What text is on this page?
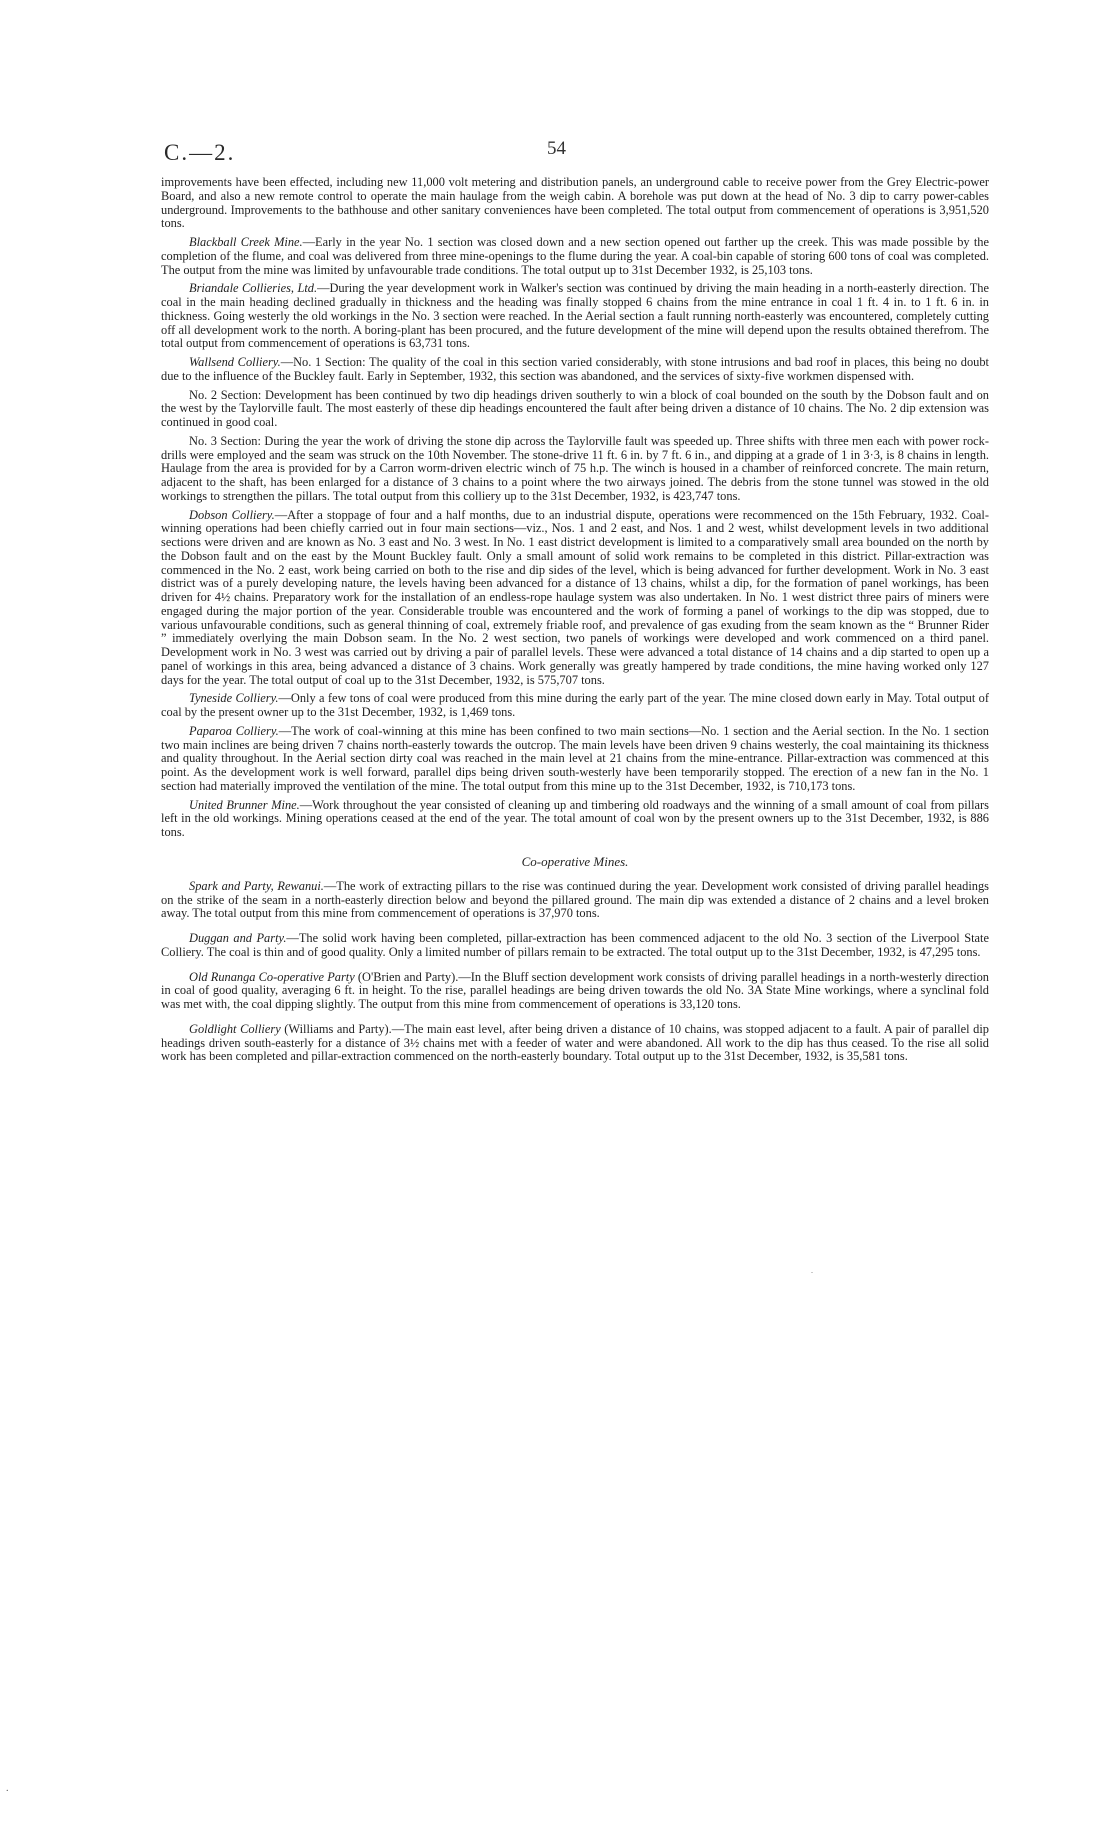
C.—2.	54

improvements have been effected, including new 11,000 volt metering and distribution panels, an underground cable to receive power from the Grey Electric-power Board, and also a new remote control to operate the main haulage from the weigh cabin. A borehole was put down at the head of No. 3 dip to carry power-cables underground. Improvements to the bathhouse and other sanitary conveniences have been completed. The total output from commencement of operations is 3,951,520 tons.

Blackball Creek Mine.—Early in the year No. 1 section was closed down and a new section opened out farther up the creek. This was made possible by the completion of the flume, and coal was delivered from three mine-openings to the flume during the year. A coal-bin capable of storing 600 tons of coal was completed. The output from the mine was limited by unfavourable trade conditions. The total output up to 31st December 1932, is 25,103 tons.

Briandale Collieries, Ltd.—During the year development work in Walker's section was continued by driving the main heading in a north-easterly direction. The coal in the main heading declined gradually in thickness and the heading was finally stopped 6 chains from the mine entrance in coal 1 ft. 4 in. to 1 ft. 6 in. in thickness. Going westerly the old workings in the No. 3 section were reached. In the Aerial section a fault running north-easterly was encountered, completely cutting off all development work to the north. A boring-plant has been procured, and the future development of the mine will depend upon the results obtained therefrom. The total output from commencement of operations is 63,731 tons.

Wallsend Colliery.—No. 1 Section: The quality of the coal in this section varied considerably, with stone intrusions and bad roof in places, this being no doubt due to the influence of the Buckley fault. Early in September, 1932, this section was abandoned, and the services of sixty-five workmen dispensed with.

No. 2 Section: Development has been continued by two dip headings driven southerly to win a block of coal bounded on the south by the Dobson fault and on the west by the Taylorville fault. The most easterly of these dip headings encountered the fault after being driven a distance of 10 chains. The No. 2 dip extension was continued in good coal.

No. 3 Section: During the year the work of driving the stone dip across the Taylorville fault was speeded up. Three shifts with three men each with power rock-drills were employed and the seam was struck on the 10th November. The stone-drive 11 ft. 6 in. by 7 ft. 6 in., and dipping at a grade of 1 in 3·3, is 8 chains in length. Haulage from the area is provided for by a Carron worm-driven electric winch of 75 h.p. The winch is housed in a chamber of reinforced concrete. The main return, adjacent to the shaft, has been enlarged for a distance of 3 chains to a point where the two airways joined. The debris from the stone tunnel was stowed in the old workings to strengthen the pillars. The total output from this colliery up to the 31st December, 1932, is 423,747 tons.

Dobson Colliery.—After a stoppage of four and a half months, due to an industrial dispute, operations were recommenced on the 15th February, 1932. Coal-winning operations had been chiefly carried out in four main sections—viz., Nos. 1 and 2 east, and Nos. 1 and 2 west, whilst development levels in two additional sections were driven and are known as No. 3 east and No. 3 west. In No. 1 east district development is limited to a comparatively small area bounded on the north by the Dobson fault and on the east by the Mount Buckley fault. Only a small amount of solid work remains to be completed in this district. Pillar-extraction was commenced in the No. 2 east, work being carried on both to the rise and dip sides of the level, which is being advanced for further development. Work in No. 3 east district was of a purely developing nature, the levels having been advanced for a distance of 13 chains, whilst a dip, for the formation of panel workings, has been driven for 4½ chains. Preparatory work for the installation of an endless-rope haulage system was also undertaken. In No. 1 west district three pairs of miners were engaged during the major portion of the year. Considerable trouble was encountered and the work of forming a panel of workings to the dip was stopped, due to various unfavourable conditions, such as general thinning of coal, extremely friable roof, and prevalence of gas exuding from the seam known as the “ Brunner Rider ” immediately overlying the main Dobson seam. In the No. 2 west section, two panels of workings were developed and work commenced on a third panel. Development work in No. 3 west was carried out by driving a pair of parallel levels. These were advanced a total distance of 14 chains and a dip started to open up a panel of workings in this area, being advanced a distance of 3 chains. Work generally was greatly hampered by trade conditions, the mine having worked only 127 days for the year. The total output of coal up to the 31st December, 1932, is 575,707 tons.

Tyneside Colliery.—Only a few tons of coal were produced from this mine during the early part of the year. The mine closed down early in May. Total output of coal by the present owner up to the 31st December, 1932, is 1,469 tons.

Paparoa Colliery.—The work of coal-winning at this mine has been confined to two main sections—No. 1 section and the Aerial section. In the No. 1 section two main inclines are being driven 7 chains north-easterly towards the outcrop. The main levels have been driven 9 chains westerly, the coal maintaining its thickness and quality throughout. In the Aerial section dirty coal was reached in the main level at 21 chains from the mine-entrance. Pillar-extraction was commenced at this point. As the development work is well forward, parallel dips being driven south-westerly have been temporarily stopped. The erection of a new fan in the No. 1 section had materially improved the ventilation of the mine. The total output from this mine up to the 31st December, 1932, is 710,173 tons.

United Brunner Mine.—Work throughout the year consisted of cleaning up and timbering old roadways and the winning of a small amount of coal from pillars left in the old workings. Mining operations ceased at the end of the year. The total amount of coal won by the present owners up to the 31st December, 1932, is 886 tons.

Co-operative Mines.

Spark and Party, Rewanui.—The work of extracting pillars to the rise was continued during the year. Development work consisted of driving parallel headings on the strike of the seam in a north-easterly direction below and beyond the pillared ground. The main dip was extended a distance of 2 chains and a level broken away. The total output from this mine from commencement of operations is 37,970 tons.

Duggan and Party.—The solid work having been completed, pillar-extraction has been commenced adjacent to the old No. 3 section of the Liverpool State Colliery. The coal is thin and of good quality. Only a limited number of pillars remain to be extracted. The total output up to the 31st December, 1932, is 47,295 tons.

Old Runanga Co-operative Party (O'Brien and Party).—In the Bluff section development work consists of driving parallel headings in a north-westerly direction in coal of good quality, averaging 6 ft. in height. To the rise, parallel headings are being driven towards the old No. 3A State Mine workings, where a synclinal fold was met with, the coal dipping slightly. The output from this mine from commencement of operations is 33,120 tons.

Goldlight Colliery (Williams and Party).—The main east level, after being driven a distance of 10 chains, was stopped adjacent to a fault. A pair of parallel dip headings driven south-easterly for a distance of 3½ chains met with a feeder of water and were abandoned. All work to the dip has thus ceased. To the rise all solid work has been completed and pillar-extraction commenced on the north-easterly boundary. Total output up to the 31st December, 1932, is 35,581 tons.

.
.
